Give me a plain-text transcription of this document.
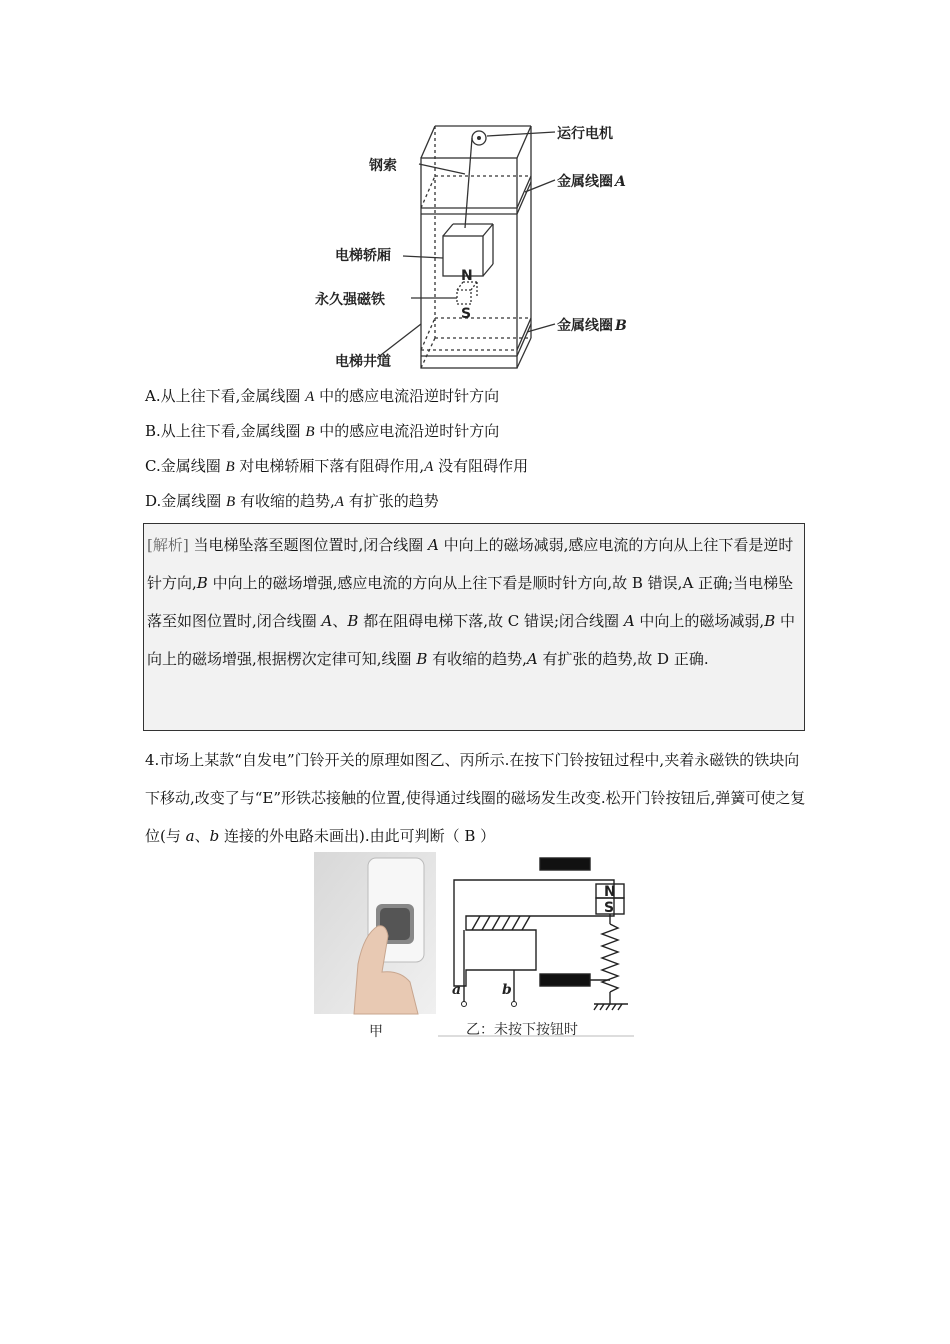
运行电机
钢索
金属线圈 A
电梯轿厢
N
永久强磁铁
S
金属线圈 B
电梯井道
A.从上往下看,金属线圈 A 中的感应电流沿逆时针方向
B.从上往下看,金属线圈 B 中的感应电流沿逆时针方向
C.金属线圈 B 对电梯轿厢下落有阻碍作用,A 没有阻碍作用
D.金属线圈 B 有收缩的趋势,A 有扩张的趋势
[解析] 当电梯坠落至题图位置时,闭合线圈 A 中向上的磁场减弱,感应电流的方向从上往下看是逆时针方向,B 中向上的磁场增强,感应电流的方向从上往下看是顺时针方向,故 B 错误,A 正确;当电梯坠落至如图位置时,闭合线圈 A、B 都在阻碍电梯下落,故 C 错误;闭合线圈 A 中向上的磁场减弱,B 中向上的磁场增强,根据楞次定律可知,线圈 B 有收缩的趋势,A 有扩张的趋势,故 D 正确.
4.市场上某款“自发电”门铃开关的原理如图乙、丙所示.在按下门铃按钮过程中,夹着永磁铁的铁块向下移动,改变了与“E”形铁芯接触的位置,使得通过线圈的磁场发生改变.松开门铃按钮后,弹簧可使之复位(与 a、b 连接的外电路未画出).由此可判断（ B ）
甲
a	b
N
S
乙：未按下按钮时
